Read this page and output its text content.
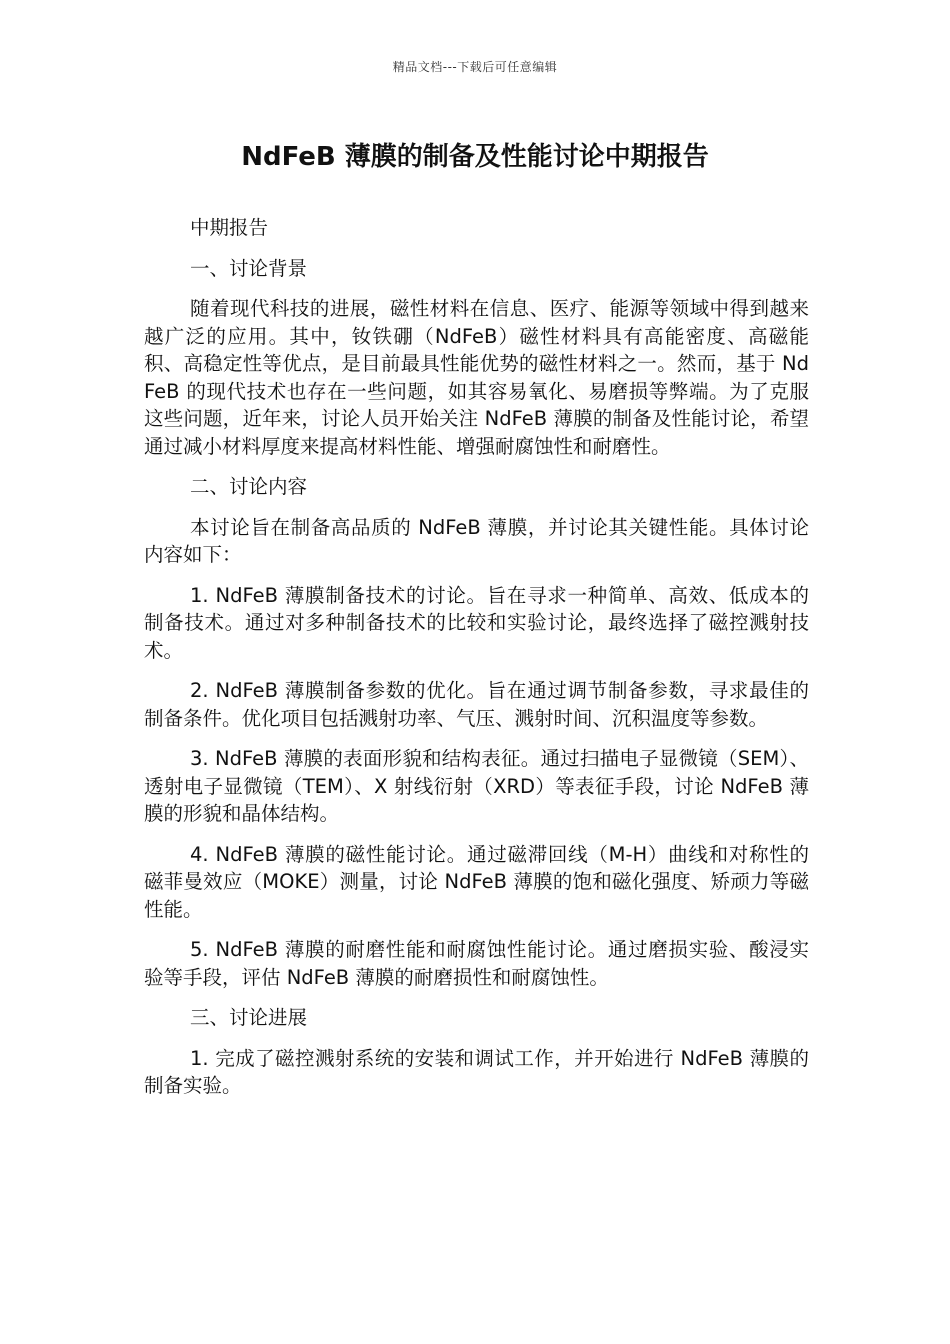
精品文档---下载后可任意编辑
NdFeB 薄膜的制备及性能讨论中期报告

中期报告

一、讨论背景

随着现代科技的进展，磁性材料在信息、医疗、能源等领域中得到越来越广泛的应用。其中，钕铁硼（NdFeB）磁性材料具有高能密度、高磁能积、高稳定性等优点，是目前最具性能优势的磁性材料之一。然而，基于 NdFeB 的现代技术也存在一些问题，如其容易氧化、易磨损等弊端。为了克服这些问题，近年来，讨论人员开始关注 NdFeB 薄膜的制备及性能讨论，希望通过减小材料厚度来提高材料性能、增强耐腐蚀性和耐磨性。

二、讨论内容

本讨论旨在制备高品质的 NdFeB 薄膜，并讨论其关键性能。具体讨论内容如下：

1. NdFeB 薄膜制备技术的讨论。旨在寻求一种简单、高效、低成本的制备技术。通过对多种制备技术的比较和实验讨论，最终选择了磁控溅射技术。

2. NdFeB 薄膜制备参数的优化。旨在通过调节制备参数，寻求最佳的制备条件。优化项目包括溅射功率、气压、溅射时间、沉积温度等参数。

3. NdFeB 薄膜的表面形貌和结构表征。通过扫描电子显微镜（SEM）、透射电子显微镜（TEM）、X 射线衍射（XRD）等表征手段，讨论 NdFeB 薄膜的形貌和晶体结构。

4. NdFeB 薄膜的磁性能讨论。通过磁滞回线（M-H）曲线和对称性的磁菲曼效应（MOKE）测量，讨论 NdFeB 薄膜的饱和磁化强度、矫顽力等磁性能。

5. NdFeB 薄膜的耐磨性能和耐腐蚀性能讨论。通过磨损实验、酸浸实验等手段，评估 NdFeB 薄膜的耐磨损性和耐腐蚀性。

三、讨论进展

1. 完成了磁控溅射系统的安装和调试工作，并开始进行 NdFeB 薄膜的制备实验。
